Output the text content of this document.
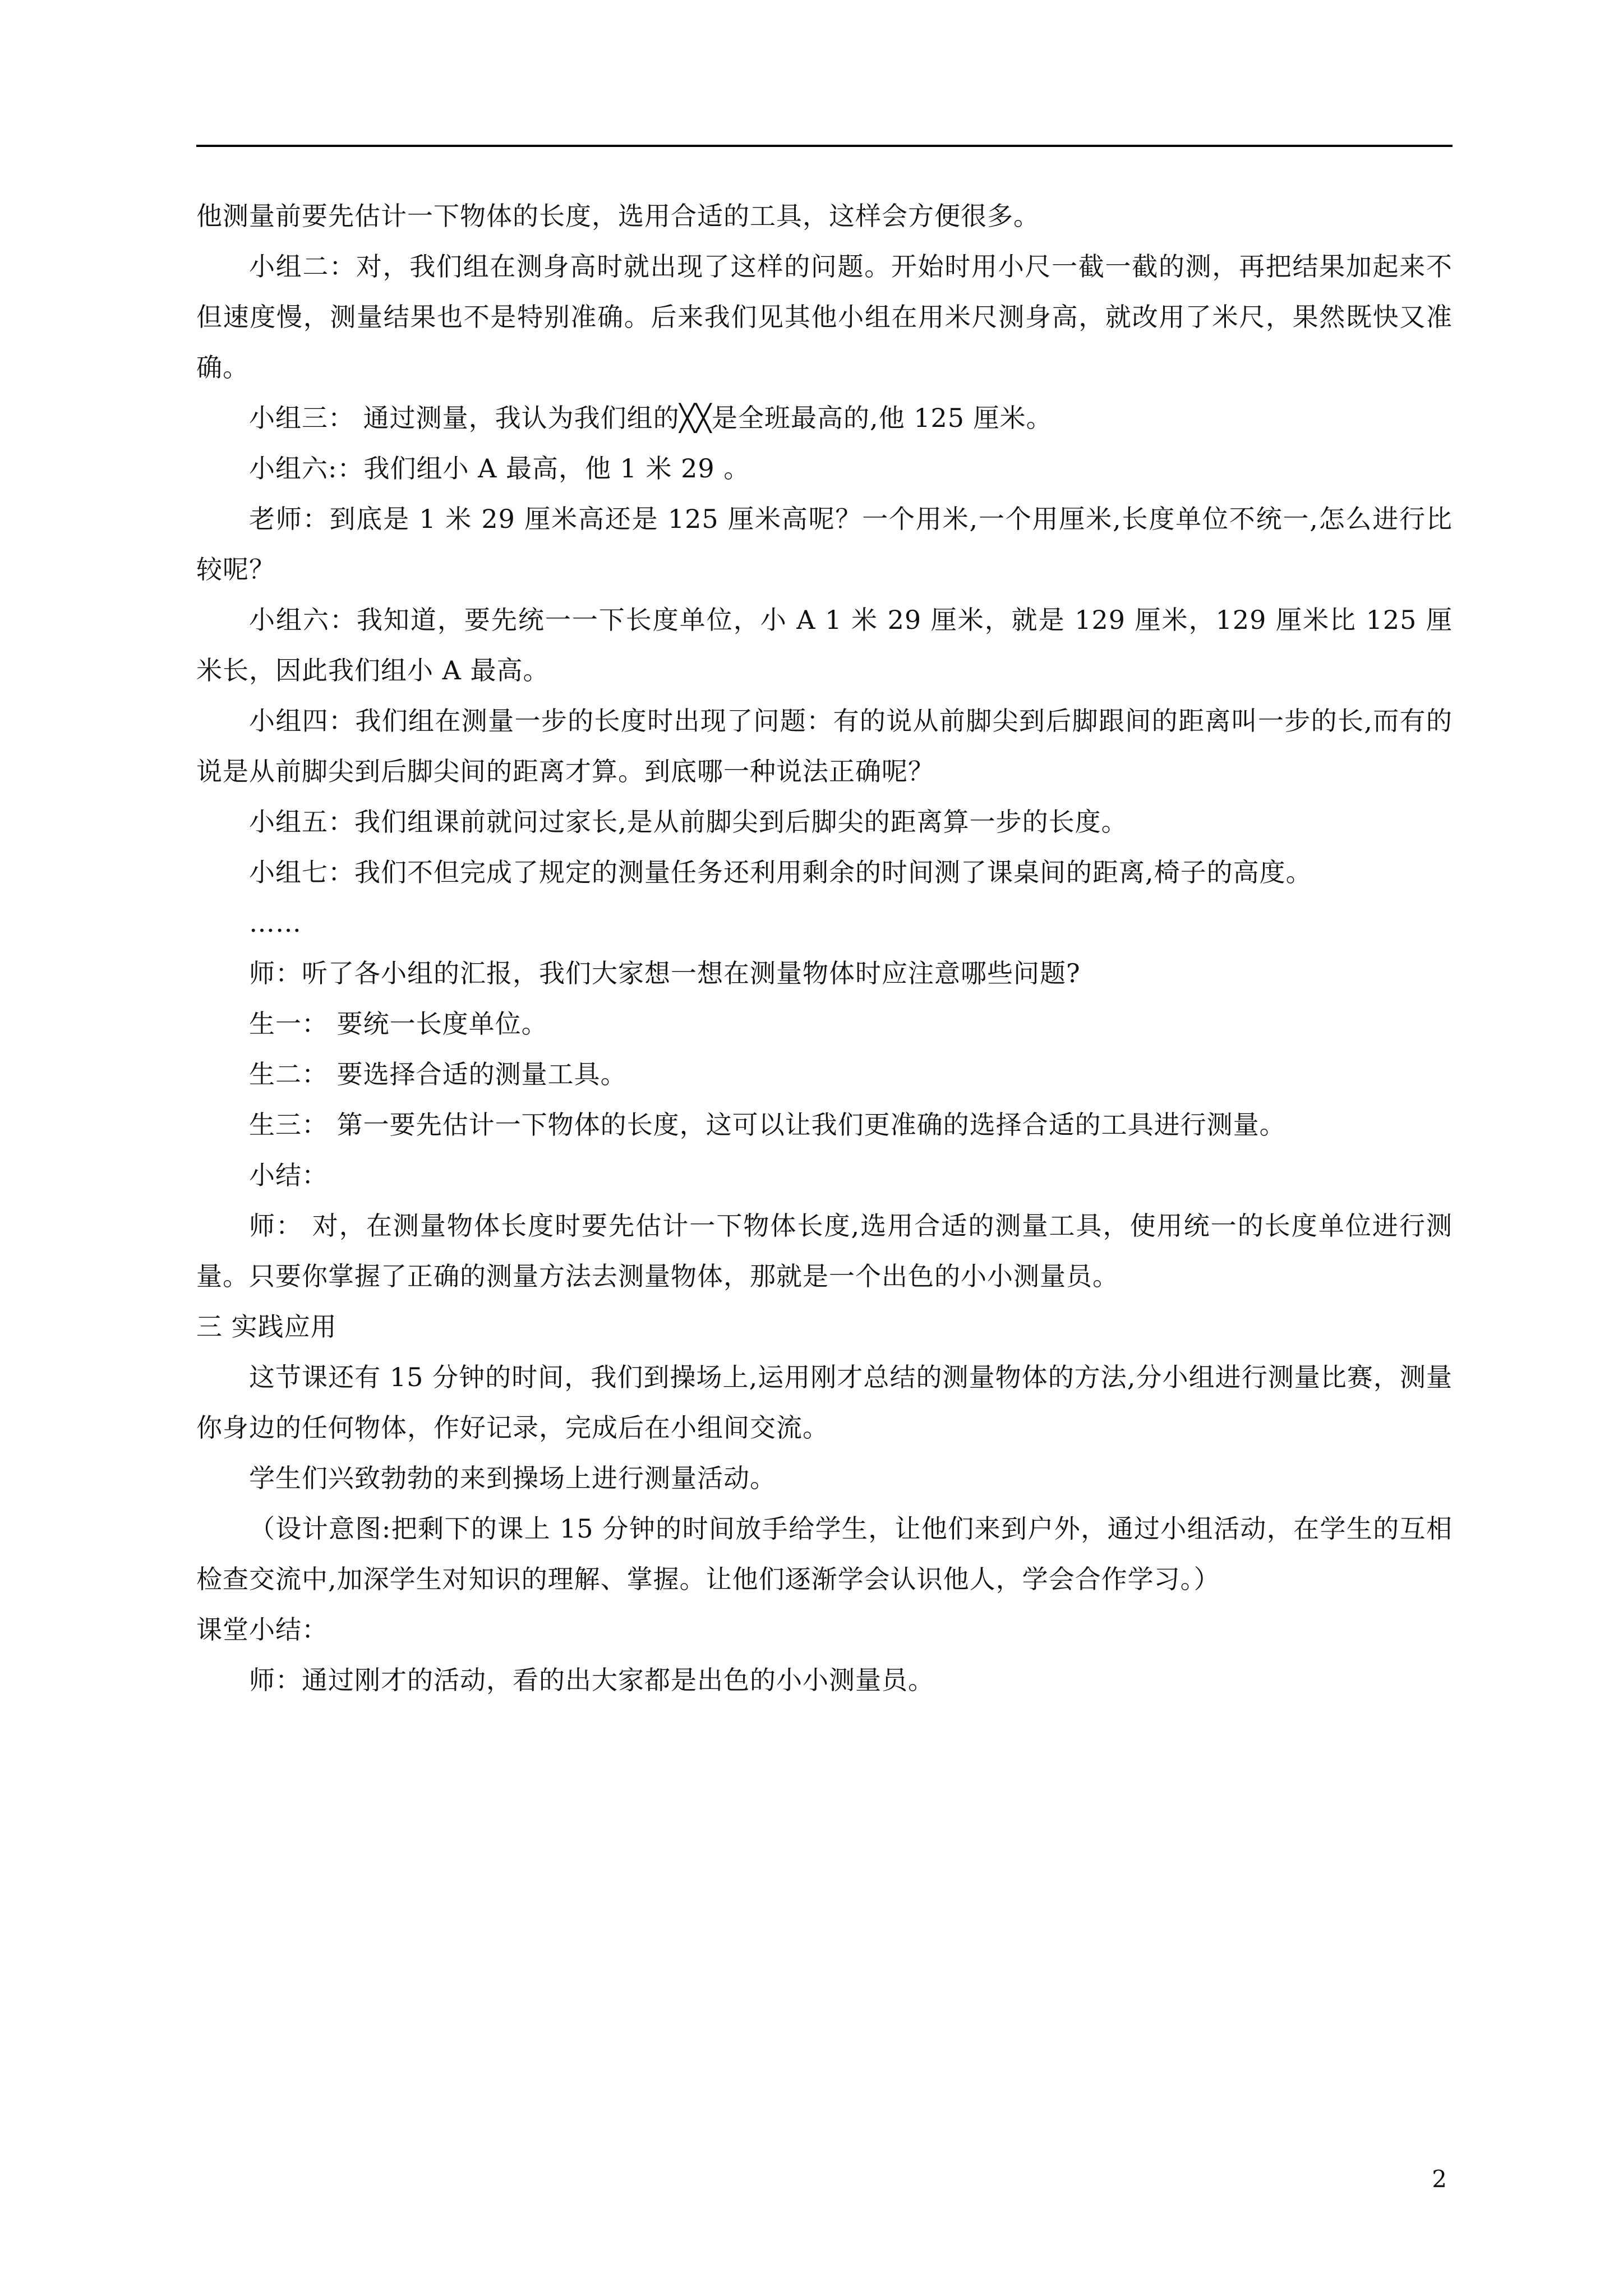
他测量前要先估计一下物体的长度，选用合适的工具，这样会方便很多。

小组二：对，我们组在测身高时就出现了这样的问题。开始时用小尺一截一截的测，再把结果加起来不但速度慢，测量结果也不是特别准确。后来我们见其他小组在用米尺测身高，就改用了米尺，果然既快又准确。

小组三： 通过测量，我认为我们组的╳╳是全班最高的,他 125 厘米。

小组六:：我们组小 A 最高，他 1 米 29 。

老师：到底是 1 米 29 厘米高还是 125 厘米高呢？一个用米,一个用厘米,长度单位不统一,怎么进行比较呢？

小组六：我知道，要先统一一下长度单位，小 A 1 米 29 厘米，就是 129 厘米，129 厘米比 125 厘米长，因此我们组小 A 最高。

小组四：我们组在测量一步的长度时出现了问题：有的说从前脚尖到后脚跟间的距离叫一步的长,而有的说是从前脚尖到后脚尖间的距离才算。到底哪一种说法正确呢？

小组五：我们组课前就问过家长,是从前脚尖到后脚尖的距离算一步的长度。

小组七：我们不但完成了规定的测量任务还利用剩余的时间测了课桌间的距离,椅子的高度。

……

师：听了各小组的汇报，我们大家想一想在测量物体时应注意哪些问题?

生一： 要统一长度单位。

生二： 要选择合适的测量工具。

生三： 第一要先估计一下物体的长度，这可以让我们更准确的选择合适的工具进行测量。

小结：

师： 对，在测量物体长度时要先估计一下物体长度,选用合适的测量工具，使用统一的长度单位进行测量。只要你掌握了正确的测量方法去测量物体，那就是一个出色的小小测量员。

三 实践应用

这节课还有 15 分钟的时间，我们到操场上,运用刚才总结的测量物体的方法,分小组进行测量比赛，测量你身边的任何物体，作好记录，完成后在小组间交流。

学生们兴致勃勃的来到操场上进行测量活动。

（设计意图:把剩下的课上 15 分钟的时间放手给学生，让他们来到户外，通过小组活动，在学生的互相检查交流中,加深学生对知识的理解、掌握。让他们逐渐学会认识他人，学会合作学习。）

课堂小结：

师：通过刚才的活动，看的出大家都是出色的小小测量员。

2
